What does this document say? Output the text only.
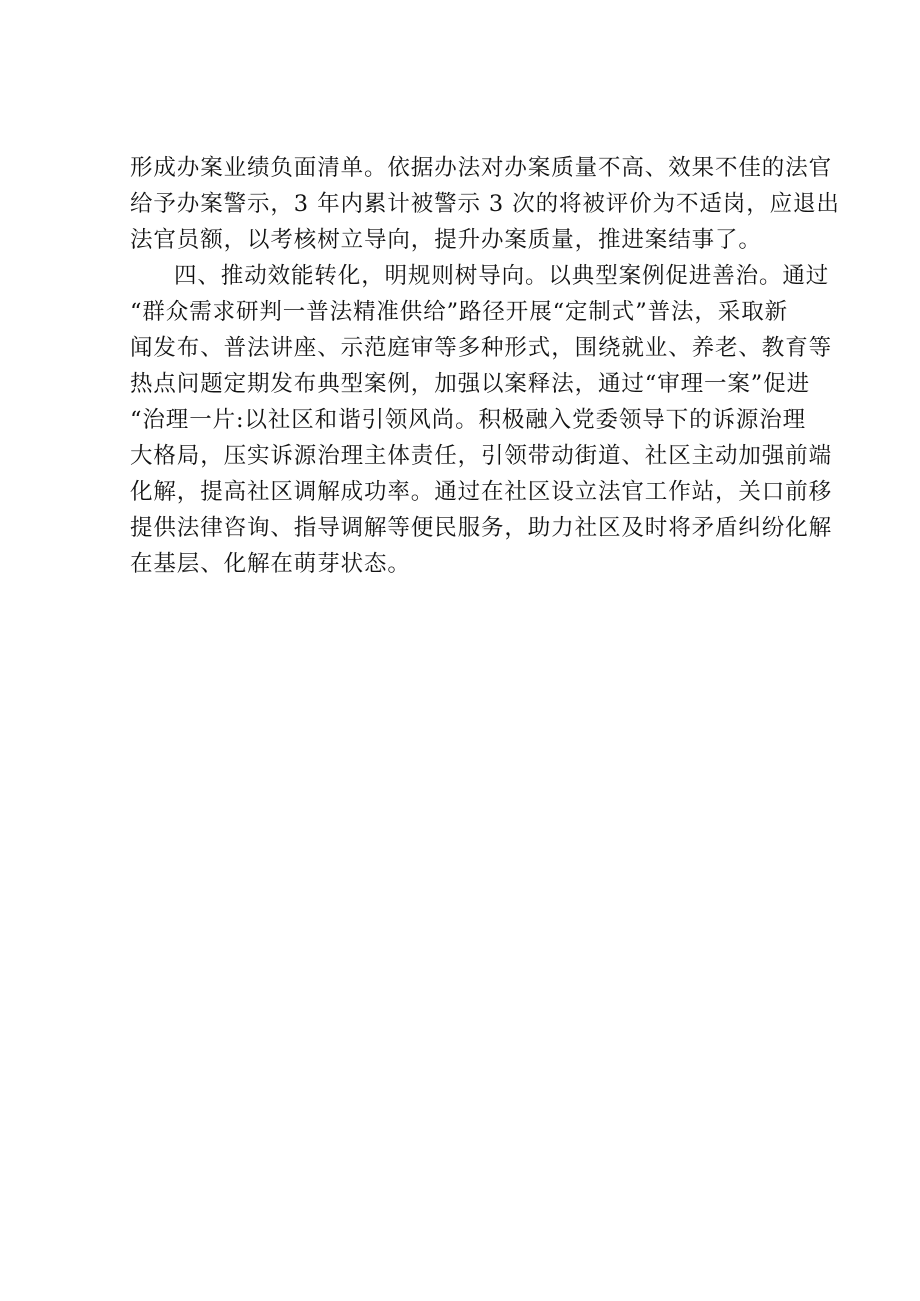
形成办案业绩负面清单。依据办法对办案质量不高、效果不佳的法官
给予办案警示，3 年内累计被警示 3 次的将被评价为不适岗，应退出
法官员额，以考核树立导向，提升办案质量，推进案结事了。
四、推动效能转化，明规则树导向。以典型案例促进善治。通过
“群众需求研判一普法精准供给”路径开展“定制式”普法，采取新
闻发布、普法讲座、示范庭审等多种形式，围绕就业、养老、教育等
热点问题定期发布典型案例，加强以案释法，通过“审理一案”促进
“治理一片:以社区和谐引领风尚。积极融入党委领导下的诉源治理
大格局，压实诉源治理主体责任，引领带动街道、社区主动加强前端
化解，提高社区调解成功率。通过在社区设立法官工作站，关口前移
提供法律咨询、指导调解等便民服务，助力社区及时将矛盾纠纷化解
在基层、化解在萌芽状态。
